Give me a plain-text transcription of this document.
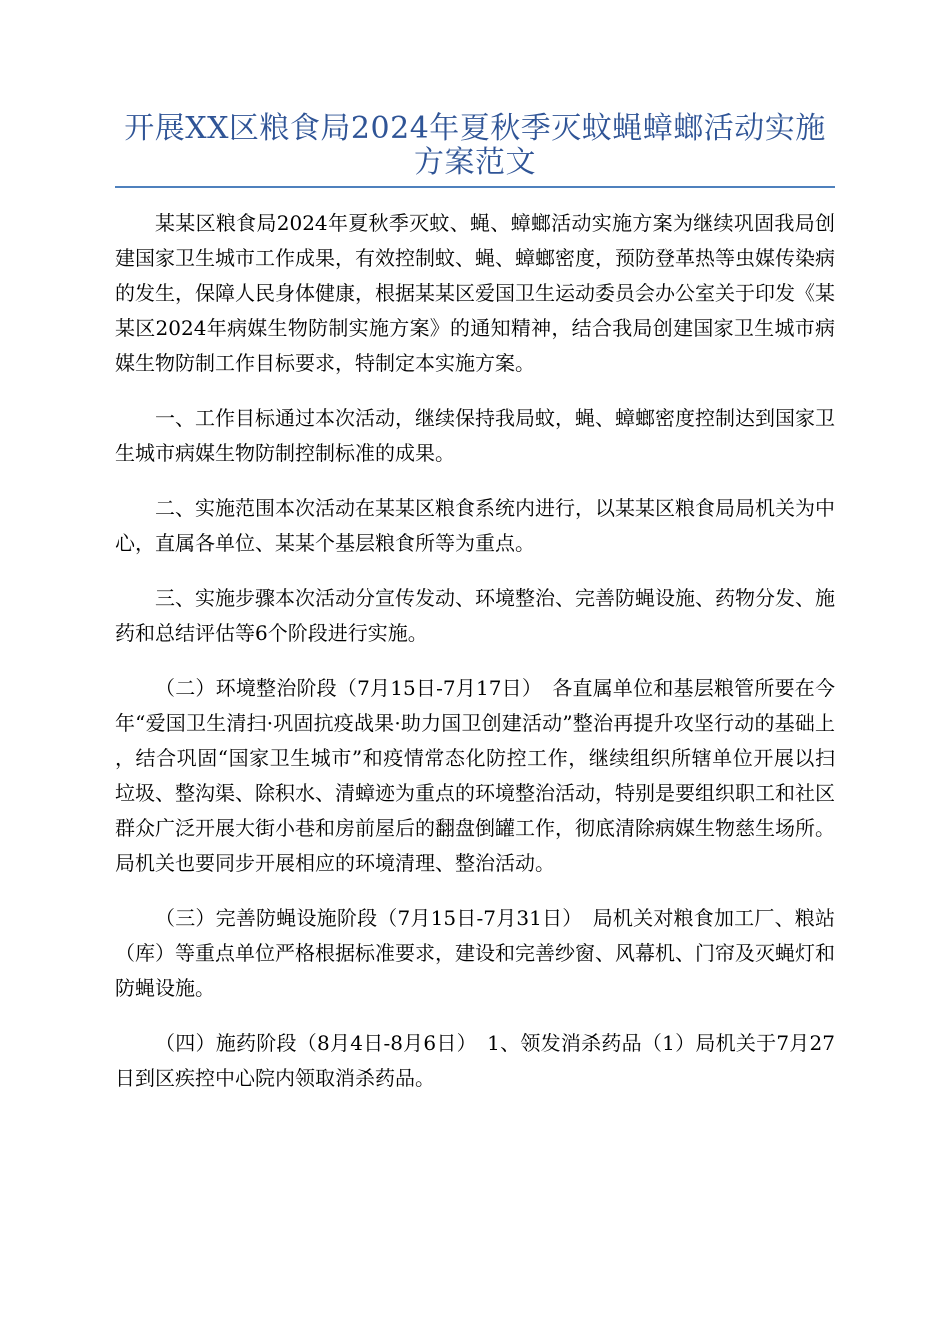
开展XX区粮食局2024年夏秋季灭蚊蝇蟑螂活动实施方案范文

某某区粮食局2024年夏秋季灭蚊、蝇、蟑螂活动实施方案为继续巩固我局创建国家卫生城市工作成果，有效控制蚊、蝇、蟑螂密度，预防登革热等虫媒传染病的发生，保障人民身体健康，根据某某区爱国卫生运动委员会办公室关于印发《某某区2024年病媒生物防制实施方案》的通知精神，结合我局创建国家卫生城市病媒生物防制工作目标要求，特制定本实施方案。

一、工作目标通过本次活动，继续保持我局蚊，蝇、蟑螂密度控制达到国家卫生城市病媒生物防制控制标准的成果。

二、实施范围本次活动在某某区粮食系统内进行，以某某区粮食局局机关为中心，直属各单位、某某个基层粮食所等为重点。

三、实施步骤本次活动分宣传发动、环境整治、完善防蝇设施、药物分发、施药和总结评估等6个阶段进行实施。

（二）环境整治阶段（7月15日-7月17日）　各直属单位和基层粮管所要在今年“爱国卫生清扫·巩固抗疫战果·助力国卫创建活动”整治再提升攻坚行动的基础上，结合巩固“国家卫生城市”和疫情常态化防控工作，继续组织所辖单位开展以扫垃圾、整沟渠、除积水、清蟑迹为重点的环境整治活动，特别是要组织职工和社区群众广泛开展大街小巷和房前屋后的翻盘倒罐工作，彻底清除病媒生物慈生场所。局机关也要同步开展相应的环境清理、整治活动。

（三）完善防蝇设施阶段（7月15日-7月31日）　局机关对粮食加工厂、粮站（库）等重点单位严格根据标准要求，建设和完善纱窗、风幕机、门帘及灭蝇灯和防蝇设施。

（四）施药阶段（8月4日-8月6日）　1、领发消杀药品（1）局机关于7月27日到区疾控中心院内领取消杀药品。
